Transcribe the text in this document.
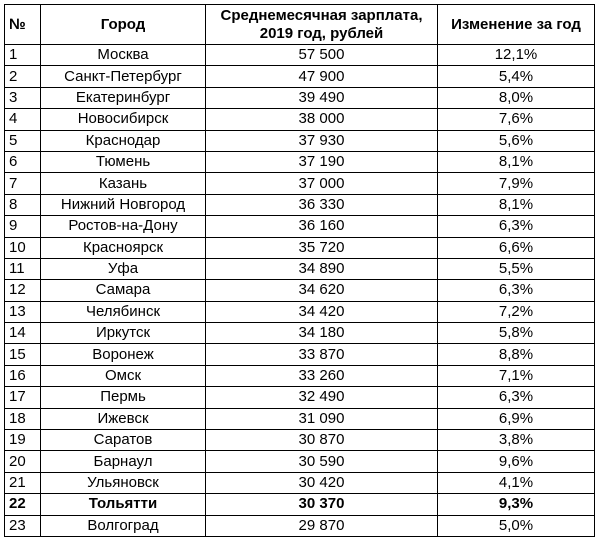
№	Город	Среднемесячная зарплата, 2019 год, рублей	Изменение за год
1	Москва	57 500	12,1%
2	Санкт-Петербург	47 900	5,4%
3	Екатеринбург	39 490	8,0%
4	Новосибирск	38 000	7,6%
5	Краснодар	37 930	5,6%
6	Тюмень	37 190	8,1%
7	Казань	37 000	7,9%
8	Нижний Новгород	36 330	8,1%
9	Ростов-на-Дону	36 160	6,3%
10	Красноярск	35 720	6,6%
11	Уфа	34 890	5,5%
12	Самара	34 620	6,3%
13	Челябинск	34 420	7,2%
14	Иркутск	34 180	5,8%
15	Воронеж	33 870	8,8%
16	Омск	33 260	7,1%
17	Пермь	32 490	6,3%
18	Ижевск	31 090	6,9%
19	Саратов	30 870	3,8%
20	Барнаул	30 590	9,6%
21	Ульяновск	30 420	4,1%
22	Тольятти	30 370	9,3%
23	Волгоград	29 870	5,0%
